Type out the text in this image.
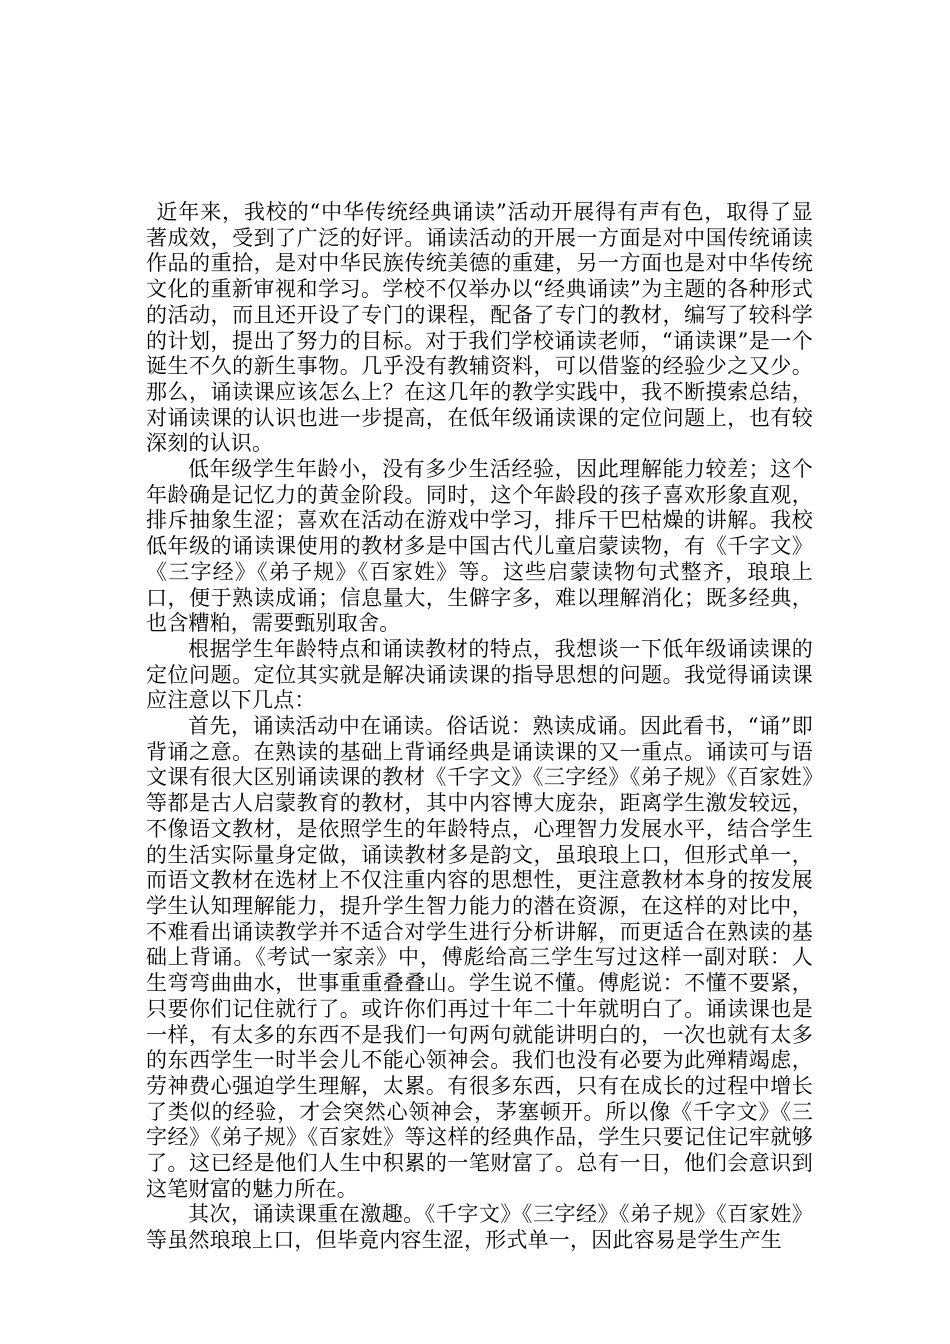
近年来，我校的“中华传统经典诵读”活动开展得有声有色，取得了显著成效，受到了广泛的好评。诵读活动的开展一方面是对中国传统诵读作品的重拾，是对中华民族传统美德的重建，另一方面也是对中华传统文化的重新审视和学习。学校不仅举办以“经典诵读”为主题的各种形式的活动，而且还开设了专门的课程，配备了专门的教材，编写了较科学的计划，提出了努力的目标。对于我们学校诵读老师，“诵读课”是一个诞生不久的新生事物。几乎没有教辅资料，可以借鉴的经验少之又少。那么，诵读课应该怎么上？在这几年的教学实践中，我不断摸索总结，对诵读课的认识也进一步提高，在低年级诵读课的定位问题上，也有较深刻的认识。

低年级学生年龄小，没有多少生活经验，因此理解能力较差；这个年龄确是记忆力的黄金阶段。同时，这个年龄段的孩子喜欢形象直观，排斥抽象生涩；喜欢在活动在游戏中学习，排斥干巴枯燥的讲解。我校低年级的诵读课使用的教材多是中国古代儿童启蒙读物，有《千字文》《三字经》《弟子规》《百家姓》等。这些启蒙读物句式整齐，琅琅上口，便于熟读成诵；信息量大，生僻字多，难以理解消化；既多经典，也含糟粕，需要甄别取舍。

根据学生年龄特点和诵读教材的特点，我想谈一下低年级诵读课的定位问题。定位其实就是解决诵读课的指导思想的问题。我觉得诵读课应注意以下几点：

首先，诵读活动中在诵读。俗话说：熟读成诵。因此看书，“诵”即背诵之意。在熟读的基础上背诵经典是诵读课的又一重点。诵读可与语文课有很大区别诵读课的教材《千字文》《三字经》《弟子规》《百家姓》等都是古人启蒙教育的教材，其中内容博大庞杂，距离学生激发较远，不像语文教材，是依照学生的年龄特点，心理智力发展水平，结合学生的生活实际量身定做，诵读教材多是韵文，虽琅琅上口，但形式单一，而语文教材在选材上不仅注重内容的思想性，更注意教材本身的按发展学生认知理解能力，提升学生智力能力的潜在资源，在这样的对比中，不难看出诵读教学并不适合对学生进行分析讲解，而更适合在熟读的基础上背诵。《考试一家亲》中，傅彪给高三学生写过这样一副对联：人生弯弯曲曲水，世事重重叠叠山。学生说不懂。傅彪说：不懂不要紧，只要你们记住就行了。或许你们再过十年二十年就明白了。诵读课也是一样，有太多的东西不是我们一句两句就能讲明白的，一次也就有太多的东西学生一时半会儿不能心领神会。我们也没有必要为此殚精竭虑，劳神费心强迫学生理解，太累。有很多东西，只有在成长的过程中增长了类似的经验，才会突然心领神会，茅塞顿开。所以像《千字文》《三字经》《弟子规》《百家姓》等这样的经典作品，学生只要记住记牢就够了。这已经是他们人生中积累的一笔财富了。总有一日，他们会意识到这笔财富的魅力所在。

其次，诵读课重在激趣。《千字文》《三字经》《弟子规》《百家姓》等虽然琅琅上口，但毕竟内容生涩，形式单一，因此容易是学生产生
